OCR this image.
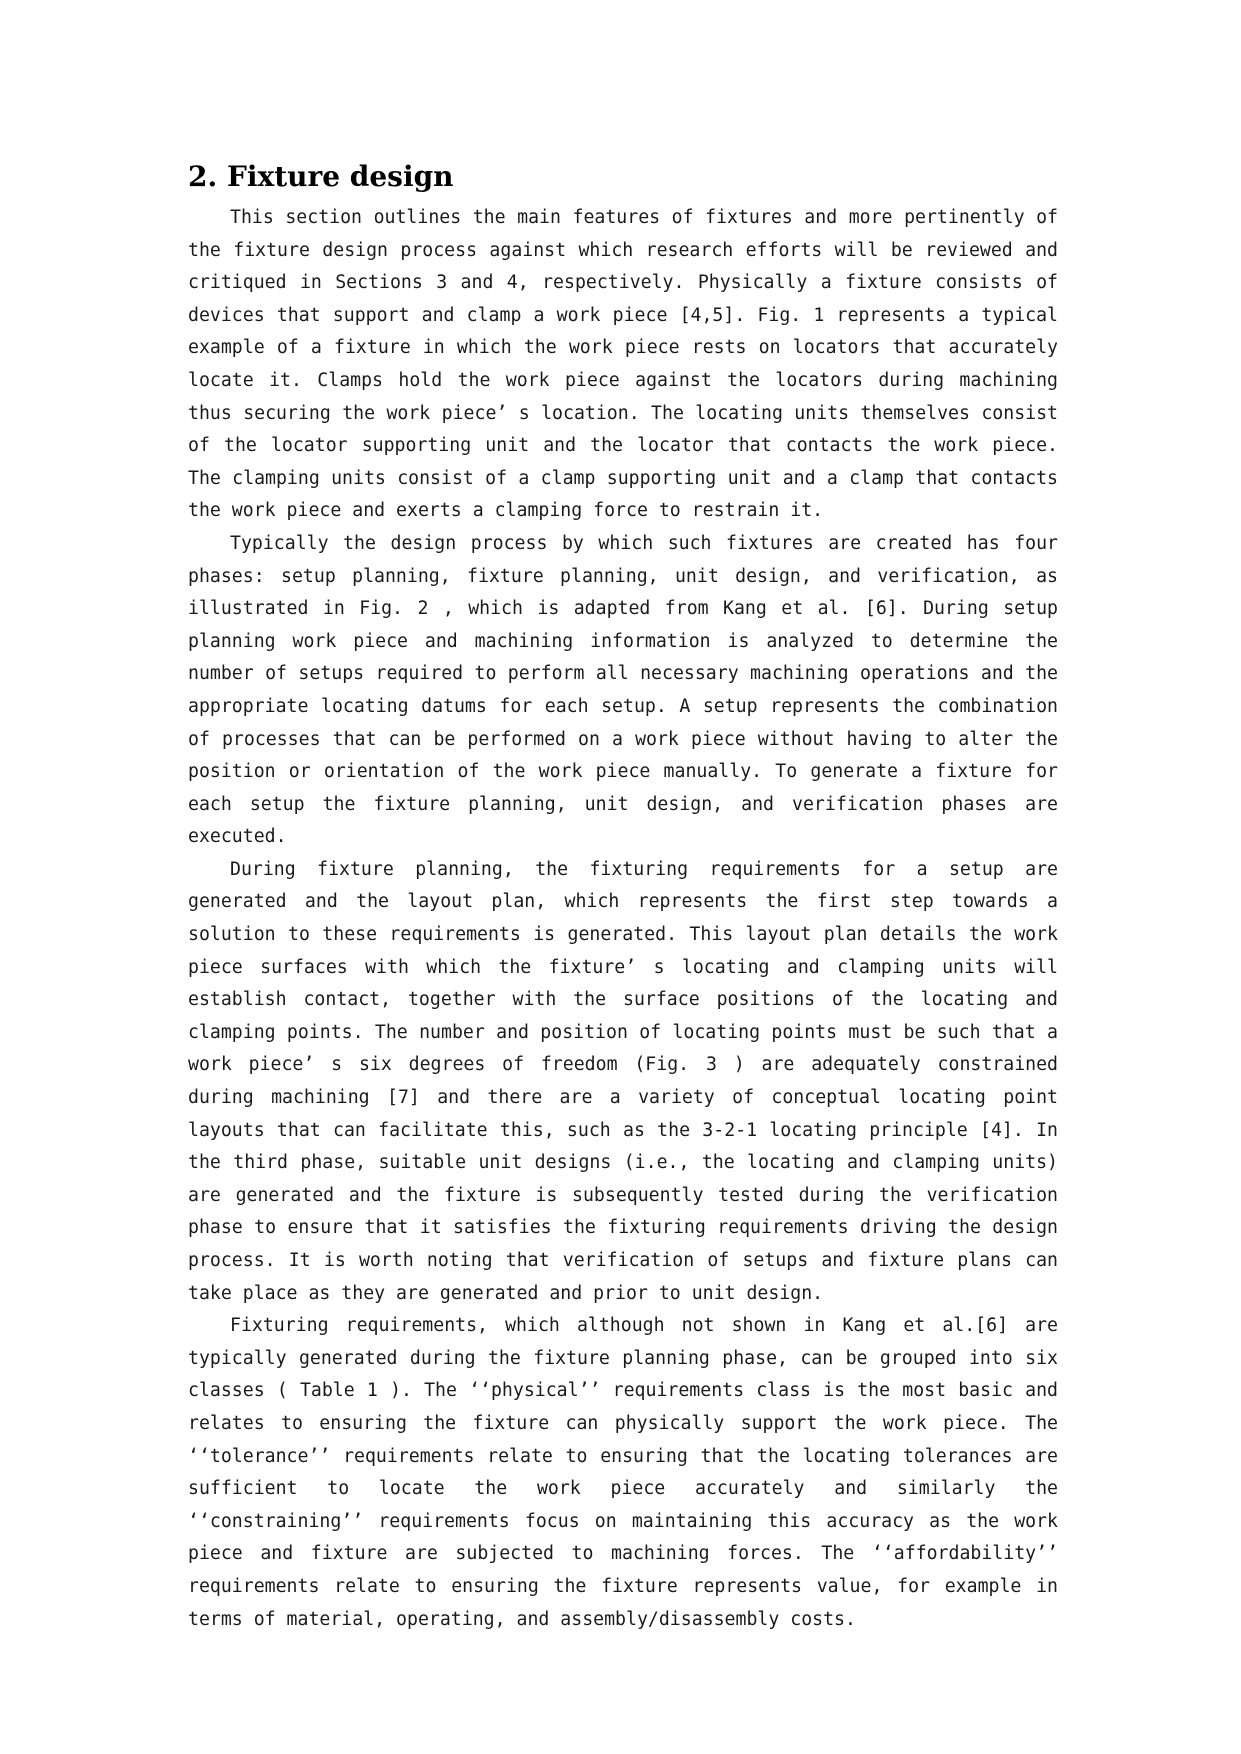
2. Fixture design

This section outlines the main features of fixtures and more pertinently of the fixture design process against which research efforts will be reviewed and critiqued in Sections 3 and 4, respectively. Physically a fixture consists of devices that support and clamp a work piece [4,5]. Fig. 1 represents a typical example of a fixture in which the work piece rests on locators that accurately locate it. Clamps hold the work piece against the locators during machining thus securing the work piece’ s location. The locating units themselves consist of the locator supporting unit and the locator that contacts the work piece. The clamping units consist of a clamp supporting unit and a clamp that contacts the work piece and exerts a clamping force to restrain it.

Typically the design process by which such fixtures are created has four phases: setup planning, fixture planning, unit design, and verification, as illustrated in Fig. 2 , which is adapted from Kang et al. [6]. During setup planning work piece and machining information is analyzed to determine the number of setups required to perform all necessary machining operations and the appropriate locating datums for each setup. A setup represents the combination of processes that can be performed on a work piece without having to alter the position or orientation of the work piece manually. To generate a fixture for each setup the fixture planning, unit design, and verification phases are executed.

During fixture planning, the fixturing requirements for a setup are generated and the layout plan, which represents the first step towards a solution to these requirements is generated. This layout plan details the work piece surfaces with which the fixture’ s locating and clamping units will establish contact, together with the surface positions of the locating and clamping points. The number and position of locating points must be such that a work piece’ s six degrees of freedom (Fig. 3 ) are adequately constrained during machining [7] and there are a variety of conceptual locating point layouts that can facilitate this, such as the 3-2-1 locating principle [4]. In the third phase, suitable unit designs (i.e., the locating and clamping units) are generated and the fixture is subsequently tested during the verification phase to ensure that it satisfies the fixturing requirements driving the design process. It is worth noting that verification of setups and fixture plans can take place as they are generated and prior to unit design.

Fixturing requirements, which although not shown in Kang et al.[6] are typically generated during the fixture planning phase, can be grouped into six classes ( Table 1 ). The ‘‘physical’’ requirements class is the most basic and relates to ensuring the fixture can physically support the work piece. The ‘‘tolerance’’ requirements relate to ensuring that the locating tolerances are sufficient to locate the work piece accurately and similarly the ‘‘constraining’’ requirements focus on maintaining this accuracy as the work piece and fixture are subjected to machining forces. The ‘‘affordability’’ requirements relate to ensuring the fixture represents value, for example in terms of material, operating, and assembly/disassembly costs.
